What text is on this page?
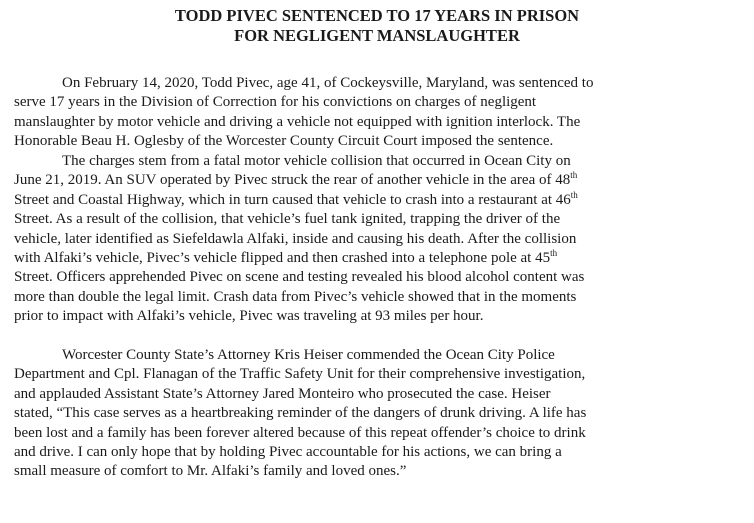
TODD PIVEC SENTENCED TO 17 YEARS IN PRISON
FOR NEGLIGENT MANSLAUGHTER
On February 14, 2020, Todd Pivec, age 41, of Cockeysville, Maryland, was sentenced to
serve 17 years in the Division of Correction for his convictions on charges of negligent
manslaughter by motor vehicle and driving a vehicle not equipped with ignition interlock. The
Honorable Beau H. Oglesby of the Worcester County Circuit Court imposed the sentence.
The charges stem from a fatal motor vehicle collision that occurred in Ocean City on
June 21, 2019. An SUV operated by Pivec struck the rear of another vehicle in the area of 48th
Street and Coastal Highway, which in turn caused that vehicle to crash into a restaurant at 46th
Street. As a result of the collision, that vehicle’s fuel tank ignited, trapping the driver of the
vehicle, later identified as Siefeldawla Alfaki, inside and causing his death. After the collision
with Alfaki’s vehicle, Pivec’s vehicle flipped and then crashed into a telephone pole at 45th
Street. Officers apprehended Pivec on scene and testing revealed his blood alcohol content was
more than double the legal limit. Crash data from Pivec’s vehicle showed that in the moments
prior to impact with Alfaki’s vehicle, Pivec was traveling at 93 miles per hour.
Worcester County State’s Attorney Kris Heiser commended the Ocean City Police
Department and Cpl. Flanagan of the Traffic Safety Unit for their comprehensive investigation,
and applauded Assistant State’s Attorney Jared Monteiro who prosecuted the case. Heiser
stated, “This case serves as a heartbreaking reminder of the dangers of drunk driving. A life has
been lost and a family has been forever altered because of this repeat offender’s choice to drink
and drive. I can only hope that by holding Pivec accountable for his actions, we can bring a
small measure of comfort to Mr. Alfaki’s family and loved ones.”
